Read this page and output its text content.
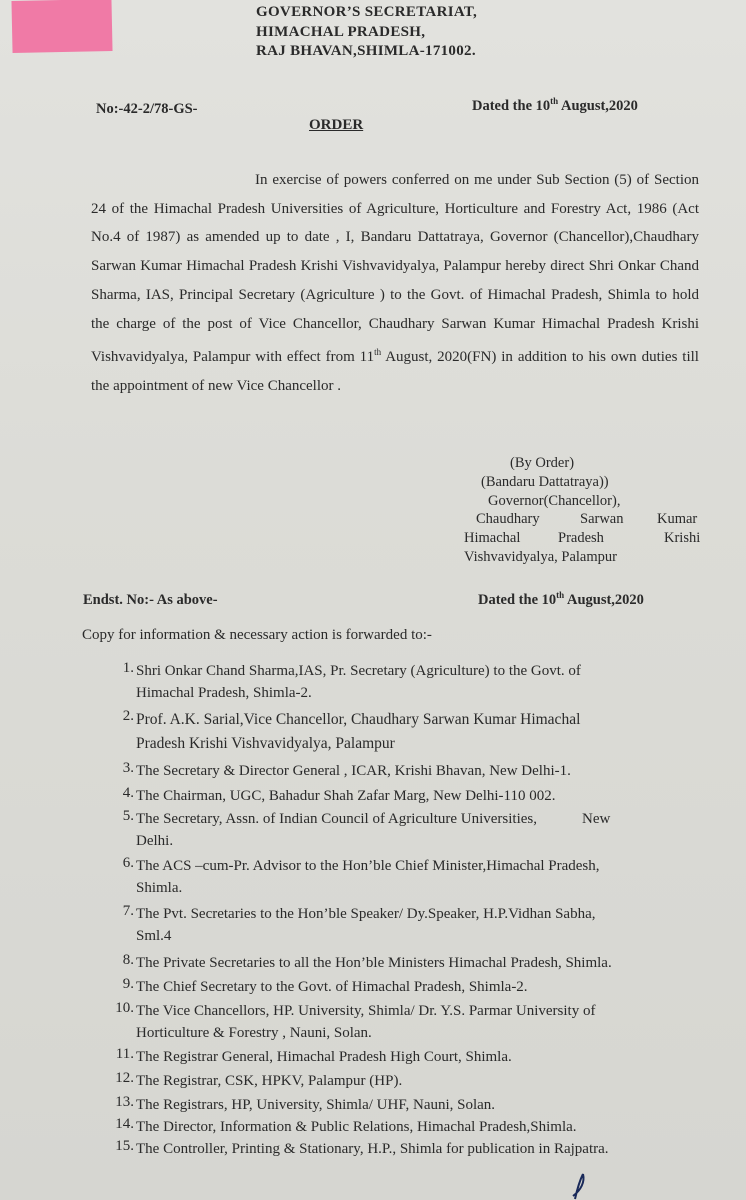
GOVERNOR’S SECRETARIAT,
HIMACHAL PRADESH,
RAJ BHAVAN,SHIMLA-171002.
No:-42-2/78-GS-	Dated the 10th August,2020
ORDER
In exercise of powers conferred on me under Sub Section (5) of Section 24 of the Himachal Pradesh Universities of Agriculture, Horticulture and Forestry Act, 1986 (Act No.4 of 1987) as amended up to date , I, Bandaru Dattatraya, Governor (Chancellor),Chaudhary Sarwan Kumar Himachal Pradesh Krishi Vishvavidyalya, Palampur hereby direct Shri Onkar Chand Sharma, IAS, Principal Secretary (Agriculture ) to the Govt. of Himachal Pradesh, Shimla to hold the charge of the post of Vice Chancellor, Chaudhary Sarwan Kumar Himachal Pradesh Krishi Vishvavidyalya, Palampur with effect from 11th August, 2020(FN) in addition to his own duties till the appointment of new Vice Chancellor .
(By Order)
(Bandaru Dattatraya))
Governor(Chancellor),
Chaudhary	Sarwan Kumar
Himachal	Pradesh	Krishi
Vishvavidyalya, Palampur
Endst. No:- As above-	Dated the 10th August,2020
Copy for information & necessary action is forwarded to:-
1. Shri Onkar Chand Sharma,IAS, Pr. Secretary (Agriculture) to the Govt. of
Himachal Pradesh, Shimla-2.
2. Prof. A.K. Sarial,Vice Chancellor, Chaudhary Sarwan Kumar Himachal
Pradesh Krishi Vishvavidyalya, Palampur
3. The Secretary & Director General , ICAR, Krishi Bhavan, New Delhi-1.
4. The Chairman, UGC, Bahadur Shah Zafar Marg, New Delhi-110 002.
5. The Secretary, Assn. of Indian Council of Agriculture Universities,            New
Delhi.
6. The ACS –cum-Pr. Advisor to the Hon’ble Chief Minister,Himachal Pradesh,
Shimla.
7. The Pvt. Secretaries to the Hon’ble Speaker/ Dy.Speaker, H.P.Vidhan Sabha,
Sml.4
8. The Private Secretaries to all the Hon’ble Ministers Himachal Pradesh, Shimla.
9. The Chief Secretary to the Govt. of Himachal Pradesh, Shimla-2.
10. The Vice Chancellors, HP. University, Shimla/ Dr. Y.S. Parmar University of
Horticulture & Forestry , Nauni, Solan.
11. The Registrar General, Himachal Pradesh High Court, Shimla.
12. The Registrar, CSK, HPKV, Palampur (HP).
13. The Registrars, HP, University, Shimla/ UHF, Nauni, Solan.
14. The Director, Information & Public Relations, Himachal Pradesh,Shimla.
15. The Controller, Printing & Stationary, H.P., Shimla for publication in Rajpatra.
